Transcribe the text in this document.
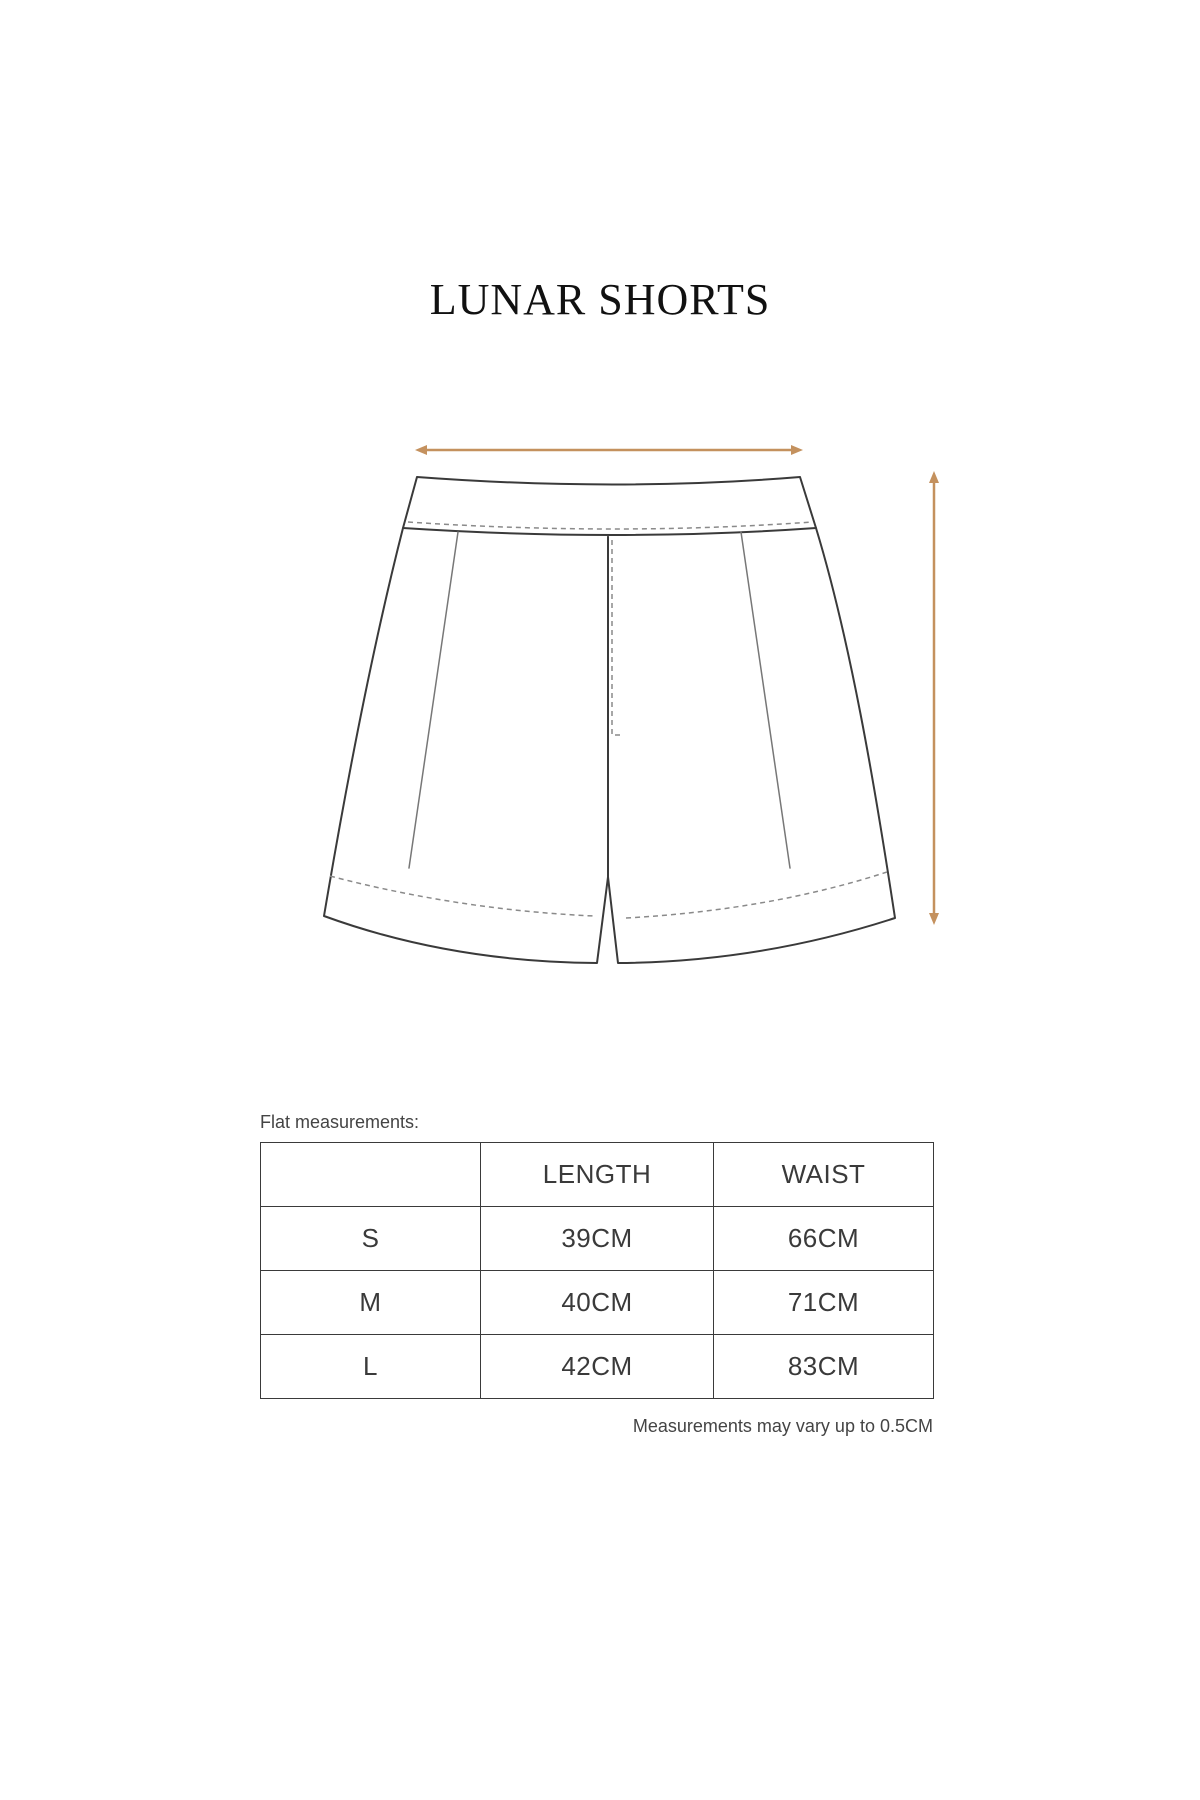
LUNAR SHORTS
Flat measurements:
	LENGTH	WAIST
S	39CM	66CM
M	40CM	71CM
L	42CM	83CM
Measurements may vary up to 0.5CM
